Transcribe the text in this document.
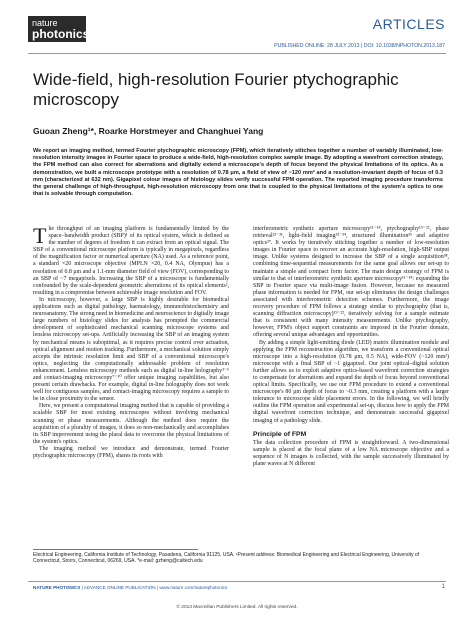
nature
photonics
ARTICLES
PUBLISHED ONLINE: 28 JULY 2013 | DOI: 10.1038/NPHOTON.2013.187
Wide-field, high-resolution Fourier ptychographic microscopy
Guoan Zheng¹*, Roarke Horstmeyer and Changhuei Yang

We report an imaging method, termed Fourier ptychographic microscopy (FPM), which iteratively stitches together a number of variably illuminated, low-resolution intensity images in Fourier space to produce a wide-field, high-resolution complex sample image. By adopting a wavefront correction strategy, the FPM method can also correct for aberrations and digitally extend a microscope's depth of focus beyond the physical limitations of its optics. As a demonstration, we built a microscope prototype with a resolution of 0.78 μm, a field of view of ~120 mm² and a resolution-invariant depth of focus of 0.3 mm (characterized at 632 nm). Gigapixel colour images of histology slides verify successful FPM operation. The reported imaging procedure transforms the general challenge of high-throughput, high-resolution microscopy from one that is coupled to the physical limitations of the system's optics to one that is solvable through computation.

The throughput of an imaging platform is fundamentally limited by the space–bandwidth product (SBP)¹ of its optical system, which is defined as the number of degrees of freedom it can extract from an optical signal. The SBP of a conventional microscope platform is typically in megapixels, regardless of the magnification factor or numerical aperture (NA) used. As a reference point, a standard ×20 microscope objective (MPLN ×20, 0.4 NA, Olympus) has a resolution of 0.8 μm and a 1.1-mm diameter field of view (FOV), corresponding to an SBP of ~7 megapixels. Increasing the SBP of a microscope is fundamentally confounded by the scale-dependent geometric aberrations of its optical elements², resulting in a compromise between achievable image resolution and FOV.

In microscopy, however, a large SBP is highly desirable for biomedical applications such as digital pathology, haematology, immunohistochemistry and neuroanatomy. The strong need in biomedicine and neuroscience to digitally image large numbers of histology slides for analysis has prompted the commercial development of sophisticated mechanical scanning microscope systems and lensless microscopy set-ups. Artificially increasing the SBP of an imaging system by mechanical means is suboptimal, as it requires precise control over actuation, optical alignment and motion tracking. Furthermore, a mechanical solution simply accepts the intrinsic resolution limit and SBP of a conventional microscope's optics, neglecting the computationally addressable problem of resolution enhancement. Lensless microscopy methods such as digital in-line holography³⁻⁶ and contact-imaging microscopy⁷⁻¹⁰ offer unique imaging capabilities, but also present certain drawbacks. For example, digital in-line holography does not work well for contiguous samples, and contact-imaging microscopy requires a sample to be in close proximity to the sensor.

Here, we present a computational imaging method that is capable of providing a scalable SBP for most existing microscopes without involving mechanical scanning or phase measurements. Although the method does require the acquisition of a plurality of images, it does so non-mechanically and accomplishes its SBP improvement using the plural data to overcome the physical limitations of the system's optics.

The imaging method we introduce and demonstrate, termed Fourier ptychographic microscopy (FPM), shares its roots with

interferometric synthetic aperture microscopy¹¹⁻¹⁸, ptychography¹⁹⁻²², phase retrieval²³⁻³¹, light-field imaging³²⁻³⁴, structured illumination³⁵ and adaptive optics³⁷. It works by iteratively stitching together a number of low-resolution images in Fourier space to recover an accurate high-resolution, high-SBP output image. Unlike systems designed to increase the SBP of a single acquisition³⁸, combining time-sequential measurements for the same goal allows our set-up to maintain a simple and compact form factor. The main design strategy of FPM is similar to that of interferometric synthetic aperture microscopy¹¹⁻¹⁸: expanding the SBP in Fourier space via multi-image fusion. However, because no measured phase information is needed for FPM, our set-up eliminates the design challenges associated with interferometric detection schemes. Furthermore, the image recovery procedure of FPM follows a strategy similar to ptychography (that is, scanning diffraction microscopy)¹⁹⁻²², iteratively solving for a sample estimate that is consistent with many intensity measurements. Unlike ptychography, however, FPM's object support constraints are imposed in the Fourier domain, offering several unique advantages and opportunities.

By adding a simple light-emitting diode (LED) matrix illumination module and applying the FPM reconstruction algorithm, we transform a conventional optical microscope into a high-resolution (0.78 μm, 0.5 NA), wide-FOV (~120 mm²) microscope with a final SBP of ~1 gigapixel. Our joint optical–digital solution further allows us to exploit adaptive optics-based wavefront correction strategies to compensate for aberrations and expand the depth of focus beyond conventional optical limits. Specifically, we use our FPM procedure to extend a conventional microscope's 80 μm depth of focus to ~0.3 mm, creating a platform with a larger tolerance to microscope slide placement errors. In the following, we will briefly outline the FPM operation and experimental set-up, discuss how to apply the FPM digital wavefront correction technique, and demonstrate successful gigapixel imaging of a pathology slide.

Principle of FPM

The data collection procedure of FPM is straightforward. A two-dimensional sample is placed at the focal plane of a low NA microscope objective and a sequence of N images is collected, with the sample successively illuminated by plane waves at N different

Electrical Engineering, California Institute of Technology, Pasadena, California 91125, USA. ¹Present address: Biomedical Engineering and Electrical Engineering, University of Connecticut, Storrs, Connecticut, 06269, USA. *e-mail: gzheng@caltech.edu

NATURE PHOTONICS | ADVANCE ONLINE PUBLICATION | www.nature.com/naturephotonics	1
© 2013 Macmillan Publishers Limited. All rights reserved.
